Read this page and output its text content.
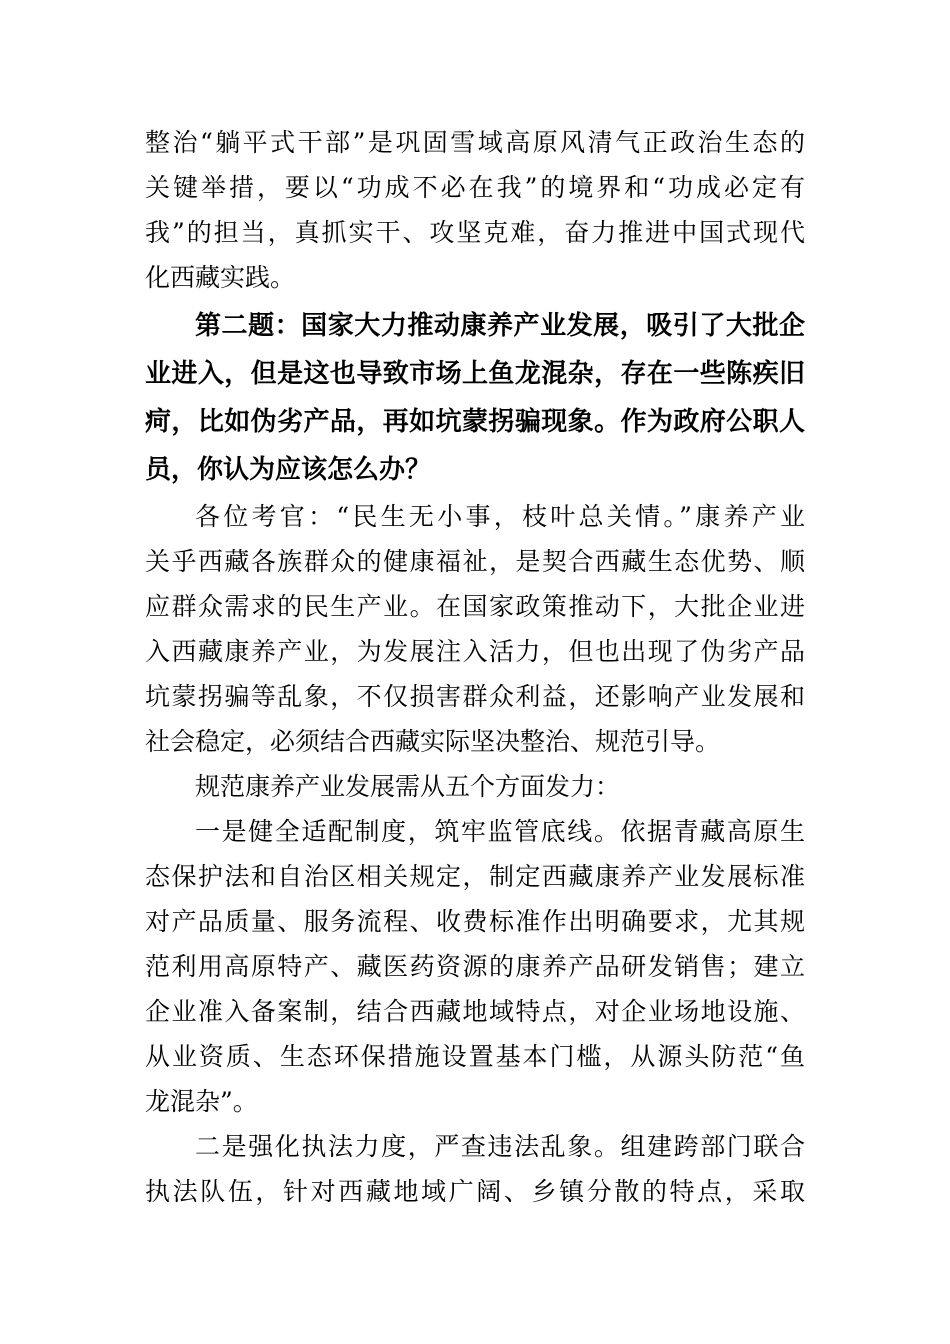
整治“躺平式干部”是巩固雪域高原风清气正政治生态的
关键举措，要以“功成不必在我”的境界和“功成必定有
我”的担当，真抓实干、攻坚克难，奋力推进中国式现代
化西藏实践。
第二题：国家大力推动康养产业发展，吸引了大批企
业进入，但是这也导致市场上鱼龙混杂，存在一些陈疾旧
疴，比如伪劣产品，再如坑蒙拐骗现象。作为政府公职人
员，你认为应该怎么办？
各位考官：“民生无小事，枝叶总关情。”康养产业
关乎西藏各族群众的健康福祉，是契合西藏生态优势、顺
应群众需求的民生产业。在国家政策推动下，大批企业进
入西藏康养产业，为发展注入活力，但也出现了伪劣产品
坑蒙拐骗等乱象，不仅损害群众利益，还影响产业发展和
社会稳定，必须结合西藏实际坚决整治、规范引导。
规范康养产业发展需从五个方面发力：
一是健全适配制度，筑牢监管底线。依据青藏高原生
态保护法和自治区相关规定，制定西藏康养产业发展标准
对产品质量、服务流程、收费标准作出明确要求，尤其规
范利用高原特产、藏医药资源的康养产品研发销售；建立
企业准入备案制，结合西藏地域特点，对企业场地设施、
从业资质、生态环保措施设置基本门槛，从源头防范“鱼
龙混杂”。
二是强化执法力度，严查违法乱象。组建跨部门联合
执法队伍，针对西藏地域广阔、乡镇分散的特点，采取
